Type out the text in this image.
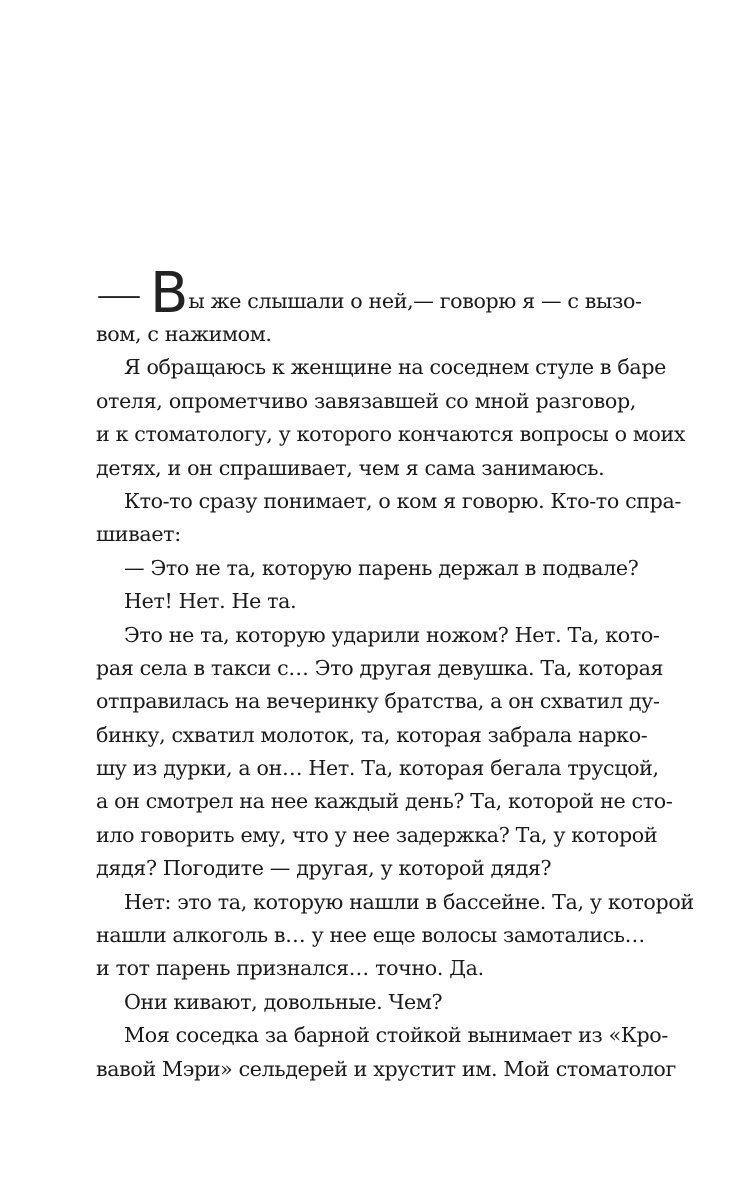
— Вы же слышали о ней,— говорю я — с вызо-
вом, с нажимом.
Я обращаюсь к женщине на соседнем стуле в баре
отеля, опрометчиво завязавшей со мной разговор,
и к стоматологу, у которого кончаются вопросы о моих
детях, и он спрашивает, чем я сама занимаюсь.
Кто-то сразу понимает, о ком я говорю. Кто-то спра-
шивает:
— Это не та, которую парень держал в подвале?
Нет! Нет. Не та.
Это не та, которую ударили ножом? Нет. Та, кото-
рая села в такси с… Это другая девушка. Та, которая
отправилась на вечеринку братства, а он схватил ду-
бинку, схватил молоток, та, которая забрала нарко-
шу из дурки, а он… Нет. Та, которая бегала трусцой,
а он смотрел на нее каждый день? Та, которой не сто-
ило говорить ему, что у нее задержка? Та, у которой
дядя? Погодите — другая, у которой дядя?
Нет: это та, которую нашли в бассейне. Та, у которой
нашли алкоголь в… у нее еще волосы замотались…
и тот парень признался… точно. Да.
Они кивают, довольные. Чем?
Моя соседка за барной стойкой вынимает из «Кро-
вавой Мэри» сельдерей и хрустит им. Мой стоматолог
